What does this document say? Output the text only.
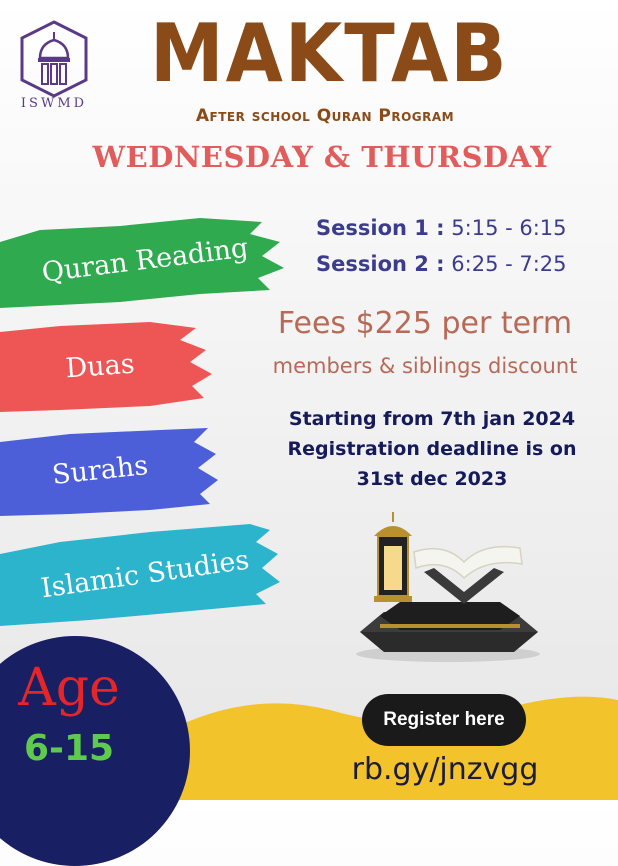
ISWMD
MAKTAB
After school Quran Program
WEDNESDAY & THURSDAY
Quran Reading
Duas
Surahs
Islamic Studies
Session 1 : 5:15 - 6:15
Session 2 : 6:25 - 7:25
Fees $225 per term
members & siblings discount
Starting from 7th jan 2024
Registration deadline is on
31st dec 2023
Age
6-15
Register here
rb.gy/jnzvgg
